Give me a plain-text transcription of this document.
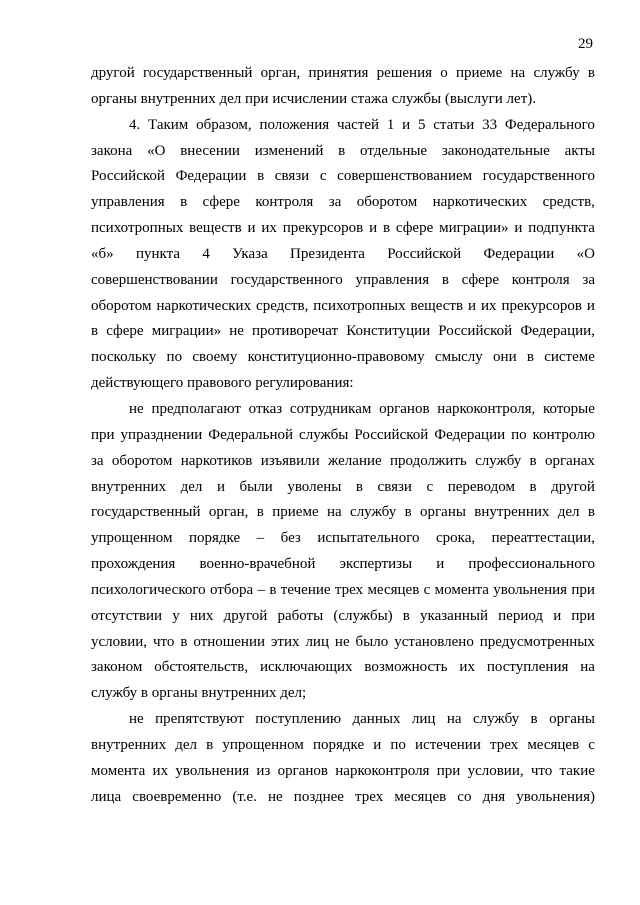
29
другой государственный орган, принятия решения о приеме на службу в
органы внутренних дел при исчислении стажа службы (выслуги лет).
4. Таким образом, положения частей 1 и 5 статьи 33 Федерального
закона «О внесении изменений в отдельные законодательные акты
Российской Федерации в связи с совершенствованием государственного
управления в сфере контроля за оборотом наркотических средств,
психотропных веществ и их прекурсоров и в сфере миграции» и подпункта
«б» пункта 4 Указа Президента Российской Федерации «О
совершенствовании государственного управления в сфере контроля за
оборотом наркотических средств, психотропных веществ и их прекурсоров и
в сфере миграции» не противоречат Конституции Российской Федерации,
поскольку по своему конституционно-правовому смыслу они в системе
действующего правового регулирования:
не предполагают отказ сотрудникам органов наркоконтроля, которые
при упразднении Федеральной службы Российской Федерации по контролю
за оборотом наркотиков изъявили желание продолжить службу в органах
внутренних дел и были уволены в связи с переводом в другой
государственный орган, в приеме на службу в органы внутренних дел в
упрощенном порядке – без испытательного срока, переаттестации,
прохождения военно-врачебной экспертизы и профессионального
психологического отбора – в течение трех месяцев с момента увольнения при
отсутствии у них другой работы (службы) в указанный период и при
условии, что в отношении этих лиц не было установлено предусмотренных
законом обстоятельств, исключающих возможность их поступления на
службу в органы внутренних дел;
не препятствуют поступлению данных лиц на службу в органы
внутренних дел в упрощенном порядке и по истечении трех месяцев с
момента их увольнения из органов наркоконтроля при условии, что такие
лица своевременно (т.е. не позднее трех месяцев со дня увольнения)
